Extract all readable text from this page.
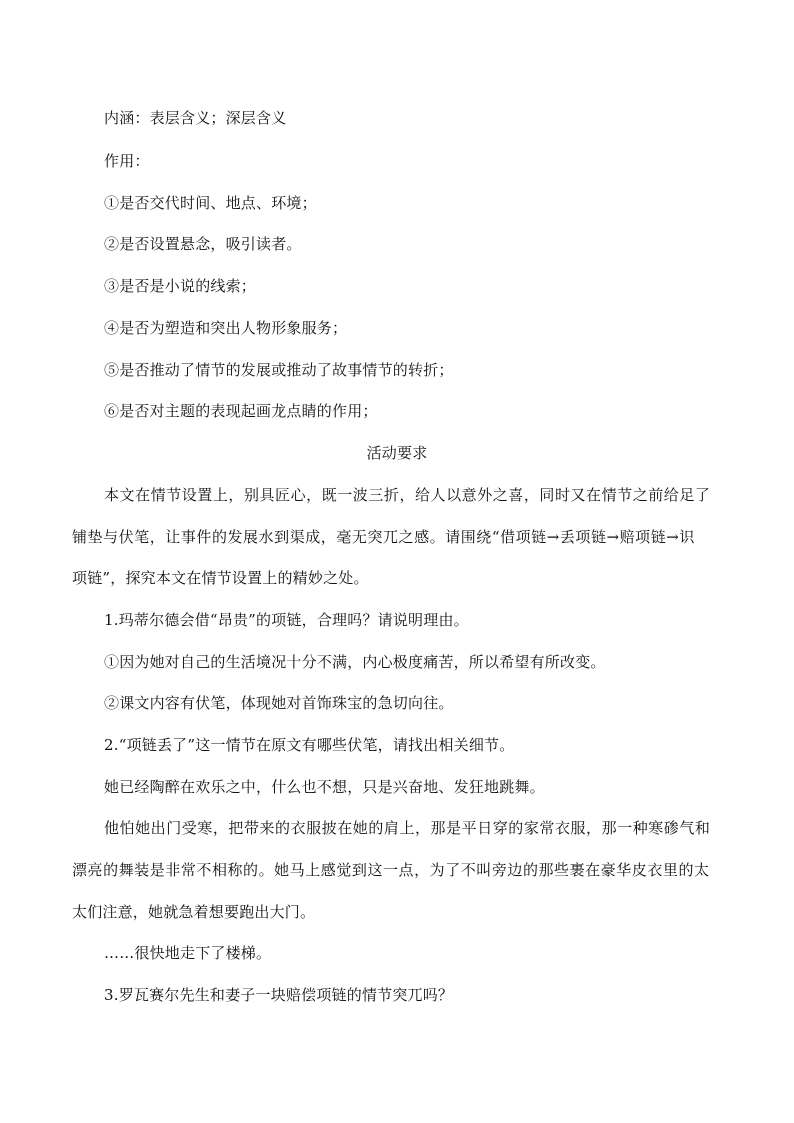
内涵：表层含义；深层含义
作用：
①是否交代时间、地点、环境；
②是否设置悬念，吸引读者。
③是否是小说的线索；
④是否为塑造和突出人物形象服务；
⑤是否推动了情节的发展或推动了故事情节的转折；
⑥是否对主题的表现起画龙点睛的作用；
活动要求
本文在情节设置上，别具匠心，既一波三折，给人以意外之喜，同时又在情节之前给足了
铺垫与伏笔，让事件的发展水到渠成，毫无突兀之感。请围绕“借项链→丢项链→赔项链→识
项链”，探究本文在情节设置上的精妙之处。
1.玛蒂尔德会借“昂贵”的项链，合理吗？请说明理由。
①因为她对自己的生活境况十分不满，内心极度痛苦，所以希望有所改变。
②课文内容有伏笔，体现她对首饰珠宝的急切向往。
2.“项链丢了”这一情节在原文有哪些伏笔，请找出相关细节。
她已经陶醉在欢乐之中，什么也不想，只是兴奋地、发狂地跳舞。
他怕她出门受寒，把带来的衣服披在她的肩上，那是平日穿的家常衣服，那一种寒碜气和
漂亮的舞装是非常不相称的。她马上感觉到这一点，为了不叫旁边的那些裹在豪华皮衣里的太
太们注意，她就急着想要跑出大门。
……很快地走下了楼梯。
3.罗瓦赛尔先生和妻子一块赔偿项链的情节突兀吗？
